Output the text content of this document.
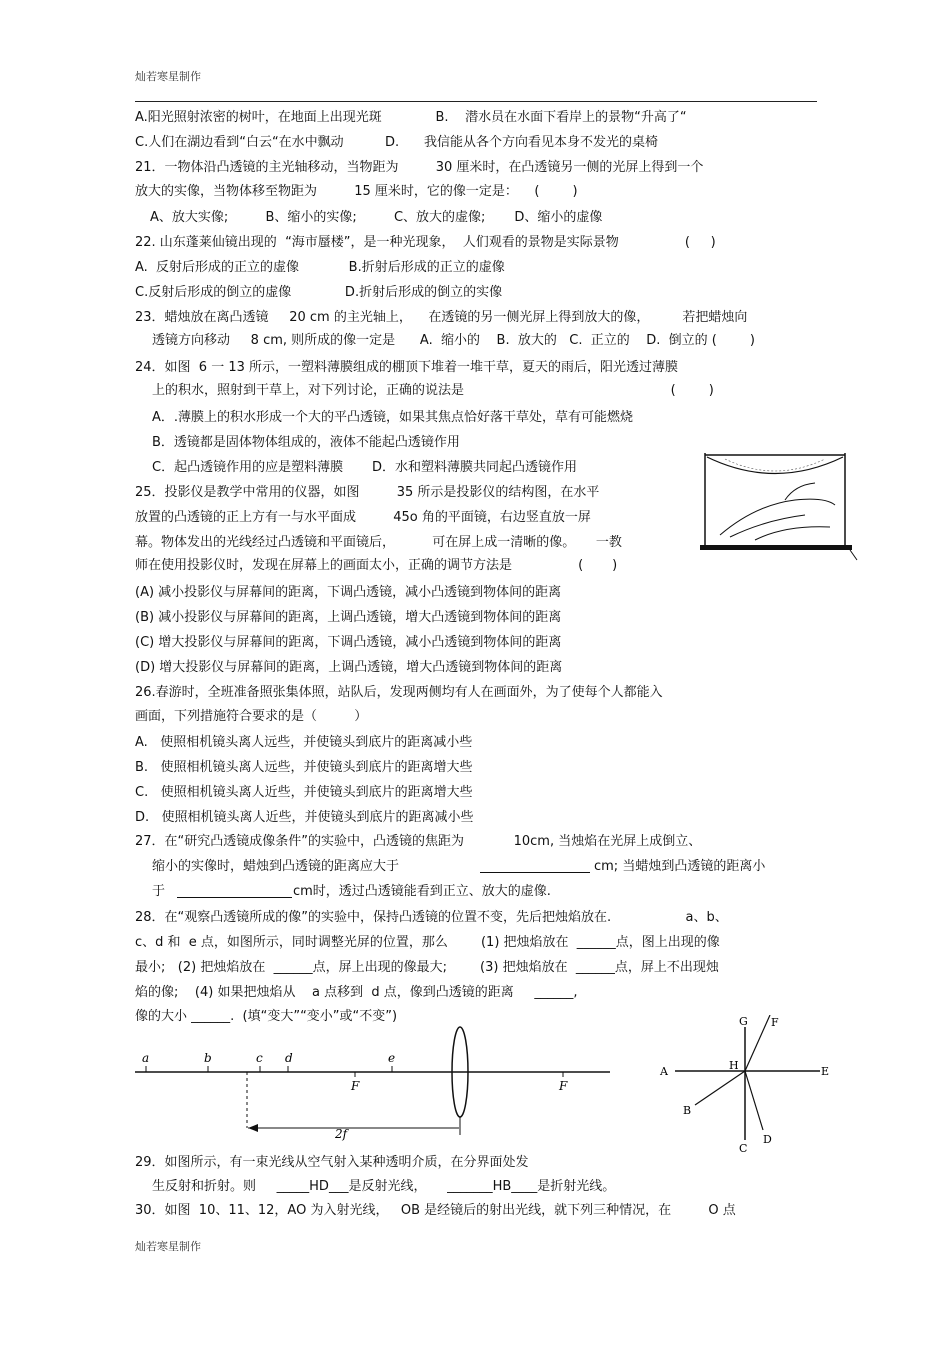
灿若寒星制作
灿若寒星制作
A.阳光照射浓密的树叶，在地面上出现光斑             B.    潜水员在水面下看岸上的景物“升高了“
C.人们在湖边看到“白云“在水中飘动          D.      我信能从各个方向看见本身不发光的桌椅
21．一物体沿凸透镜的主光轴移动，当物距为         30 厘米时，在凸透镜另一侧的光屏上得到一个
放大的实像，当物体移至物距为         15 厘米时，它的像一定是：    (        )
A、放大实像;         B、缩小的实像;         C、放大的虚像;       D、缩小的虚像
22. 山东蓬莱仙镜出现的  “海市蜃楼”，是一种光现象，  人们观看的景物是实际景物                (     )
A.  反射后形成的正立的虚像            B.折射后形成的正立的虚像
C.反射后形成的倒立的虚像             D.折射后形成的倒立的实像
23．蜡烛放在离凸透镜     20 cm 的主光轴上，    在透镜的另一侧光屏上得到放大的像，        若把蜡烛向
透镜方向移动     8 cm, 则所成的像一定是      A.  缩小的    B.  放大的   C.  正立的    D.  倒立的 (        )
24．如图  6 一 13 所示，一塑料薄膜组成的棚顶下堆着一堆干草，夏天的雨后，阳光透过薄膜
上的积水，照射到干草上，对下列讨论，正确的说法是                                                  (        )
A．.薄膜上的积水形成一个大的平凸透镜，如果其焦点恰好落干草处，草有可能燃烧
B．透镜都是固体物体组成的，液体不能起凸透镜作用
C．起凸透镜作用的应是塑料薄膜       D．水和塑料薄膜共同起凸透镜作用
25．投影仪是教学中常用的仪器，如图         35 所示是投影仪的结构图，在水平
放置的凸透镜的正上方有一与水平面成         45o 角的平面镜，右边竖直放一屏
幕。物体发出的光线经过凸透镜和平面镜后，         可在屏上成一清晰的像。     一教
师在使用投影仪时，发现在屏幕上的画面太小，正确的调节方法是                (       )
(A) 减小投影仪与屏幕间的距离，下调凸透镜，减小凸透镜到物体间的距离
(B) 减小投影仪与屏幕间的距离，上调凸透镜，增大凸透镜到物体间的距离
(C) 增大投影仪与屏幕间的距离，下调凸透镜，减小凸透镜到物体间的距离
(D) 增大投影仪与屏幕间的距离，上调凸透镜，增大凸透镜到物体间的距离
26.春游时，全班准备照张集体照，站队后，发现两侧均有人在画面外，为了使每个人都能入
画面，下列措施符合要求的是（         ）
A.   使照相机镜头离人远些，并使镜头到底片的距离减小些
B.   使照相机镜头离人远些，并使镜头到底片的距离增大些
C.   使照相机镜头离人近些，并使镜头到底片的距离增大些
D.   使照相机镜头离人近些，并使镜头到底片的距离减小些
27．在“研究凸透镜成像条件”的实验中，凸透镜的焦距为            10cm, 当烛焰在光屏上成倒立、
缩小的实像时，蜡烛到凸透镜的距离应大于
于
28．在“观察凸透镜所成的像”的实验中，保持凸透镜的位置不变，先后把烛焰放在.                  a、b、
c、d 和  e 点，如图所示，同时调整光屏的位置，那么        (1) 把烛焰放在  ______点，图上出现的像
最小;   (2) 把烛焰放在  ______点，屏上出现的像最大;        (3) 把烛焰放在  ______点，屏上不出现烛
焰的像;    (4) 如果把烛焰从    a 点移到  d 点，像到凸透镜的距离     ______,
像的大小 ______.  (填“变大”“变小”或“不变”)
29．如图所示，有一束光线从空气射入某种透明介质，在分界面处发
生反射和折射。则     _____HD___是反射光线，     _______HB____是折射光线。
30．如图  10、11、12，AO 为入射光线，   OB 是经镜后的射出光线，就下列三种情况，在         O 点
cm; 当蜡烛到凸透镜的距离小
cm时，透过凸透镜能看到正立、放大的虚像.
a	b	c d	e
F	F
2f
G F
A	H	E
B
C
D
